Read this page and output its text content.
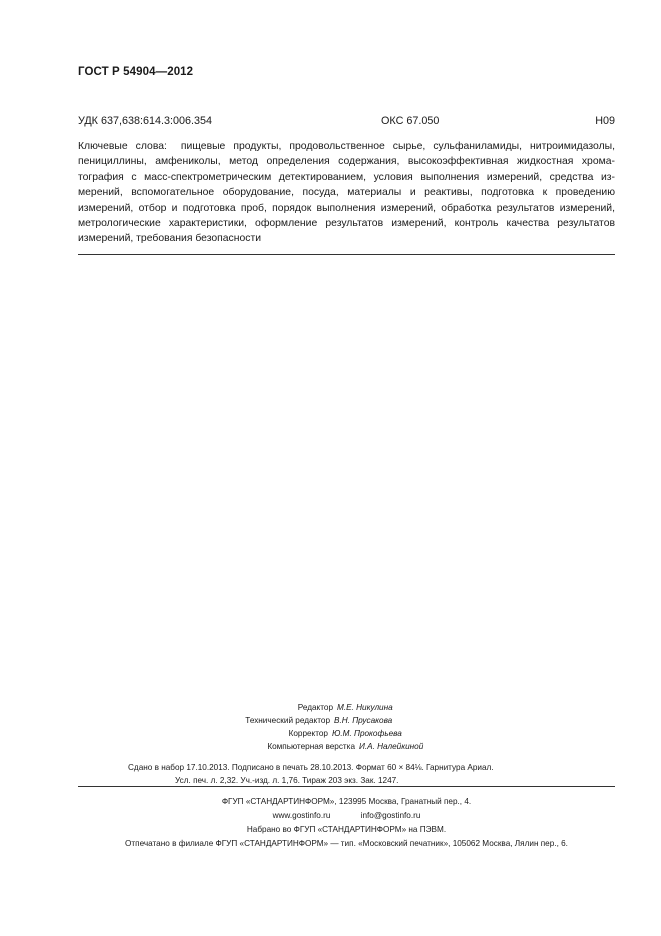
ГОСТ Р 54904—2012
УДК 637,638:614.3:006.354	ОКС 67.050	Н09
Ключевые слова: пищевые продукты, продовольственное сырье, сульфаниламиды, нитроимидазолы, пенициллины, амфениколы, метод определения содержания, высокоэффективная жидкостная хроматография с масс-спектрометрическим детектированием, условия выполнения измерений, средства измерений, вспомогательное оборудование, посуда, материалы и реактивы, подготовка к проведению измерений, отбор и подготовка проб, порядок выполнения измерений, обработка результатов измерений, метрологические характеристики, оформление результатов измерений, контроль качества результатов измерений, требования безопасности
Редактор М.Е. Никулина
Технический редактор В.Н. Прусакова
Корректор Ю.М. Прокофьева
Компьютерная верстка И.А. Налейкиной
Сдано в набор 17.10.2013. Подписано в печать 28.10.2013. Формат 60 × 84⅛. Гарнитура Ариал.
Усл. печ. л. 2,32. Уч.-изд. л. 1,76. Тираж 203 экз. Зак. 1247.
ФГУП «СТАНДАРТИНФОРМ», 123995 Москва, Гранатный пер., 4.
www.gostinfo.ru	info@gostinfo.ru
Набрано во ФГУП «СТАНДАРТИНФОРМ» на ПЭВМ.
Отпечатано в филиале ФГУП «СТАНДАРТИНФОРМ» — тип. «Московский печатник», 105062 Москва, Лялин пер., 6.
